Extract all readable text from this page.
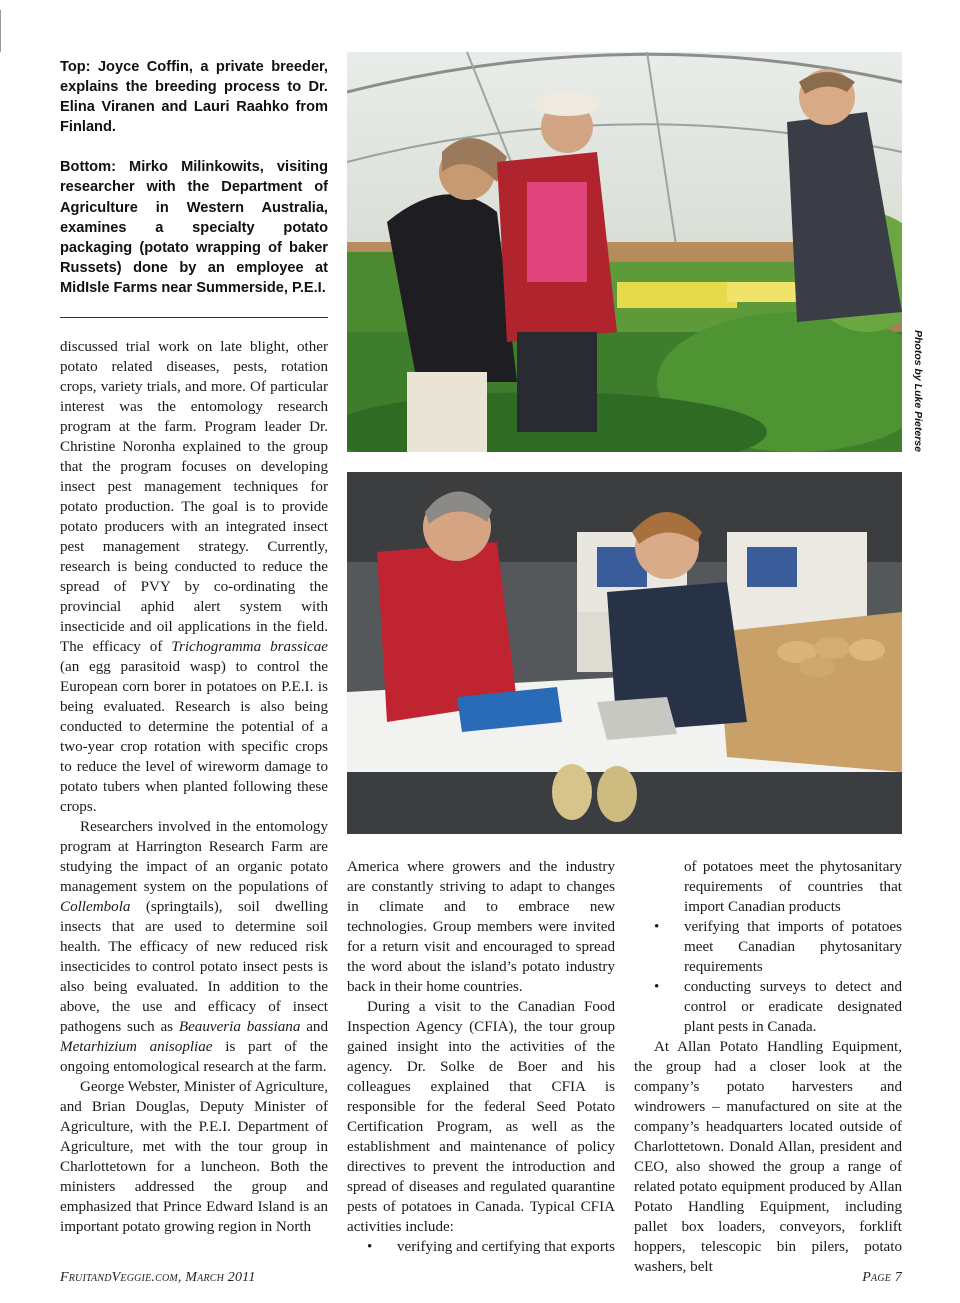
Top: Joyce Coffin, a private breeder, explains the breeding process to Dr. Elina Viranen and Lauri Raahko from Finland.

Bottom: Mirko Milinkowits, visiting researcher with the Department of Agriculture in Western Australia, examines a specialty potato packaging (potato wrapping of baker Russets) done by an employee at MidIsle Farms near Summerside, P.E.I.

Photos by Luke Pieterse

discussed trial work on late blight, other potato related diseases, pests, rotation crops, variety trials, and more. Of particular interest was the entomology research program at the farm. Program leader Dr. Christine Noronha explained to the group that the program focuses on developing insect pest management techniques for potato production. The goal is to provide potato producers with an integrated insect pest management strategy. Currently, research is being conducted to reduce the spread of PVY by co-ordinating the provincial aphid alert system with insecticide and oil applications in the field. The efficacy of Trichogramma brassicae (an egg parasitoid wasp) to control the European corn borer in potatoes on P.E.I. is being evaluated. Research is also being conducted to determine the potential of a two-year crop rotation with specific crops to reduce the level of wireworm damage to potato tubers when planted following these crops.

Researchers involved in the entomology program at Harrington Research Farm are studying the impact of an organic potato management system on the populations of Collembola (springtails), soil dwelling insects that are used to determine soil health. The efficacy of new reduced risk insecticides to control potato insect pests is also being evaluated. In addition to the above, the use and efficacy of insect pathogens such as Beauveria bassiana and Metarhizium anisopliae is part of the ongoing entomological research at the farm.

George Webster, Minister of Agriculture, and Brian Douglas, Deputy Minister of Agriculture, with the P.E.I. Department of Agriculture, met with the tour group in Charlottetown for a luncheon. Both the ministers addressed the group and emphasized that Prince Edward Island is an important potato growing region in North

America where growers and the industry are constantly striving to adapt to changes in climate and to embrace new technologies. Group members were invited for a return visit and encouraged to spread the word about the island’s potato industry back in their home countries.

During a visit to the Canadian Food Inspection Agency (CFIA), the tour group gained insight into the activities of the agency. Dr. Solke de Boer and his colleagues explained that CFIA is responsible for the federal Seed Potato Certification Program, as well as the establishment and maintenance of policy directives to prevent the introduction and spread of diseases and regulated quarantine pests of potatoes in Canada. Typical CFIA activities include:

• verifying and certifying that exports

of potatoes meet the phytosanitary requirements of countries that import Canadian products

• verifying that imports of potatoes meet Canadian phytosanitary requirements
• conducting surveys to detect and control or eradicate designated plant pests in Canada.

At Allan Potato Handling Equipment, the group had a closer look at the company’s potato harvesters and windrowers – manufactured on site at the company’s headquarters located outside of Charlottetown. Donald Allan, president and CEO, also showed the group a range of related potato equipment produced by Allan Potato Handling Equipment, including pallet box loaders, conveyors, forklift hoppers, telescopic bin pilers, potato washers, belt

FruitandVeggie.com, March 2011	Page 7
